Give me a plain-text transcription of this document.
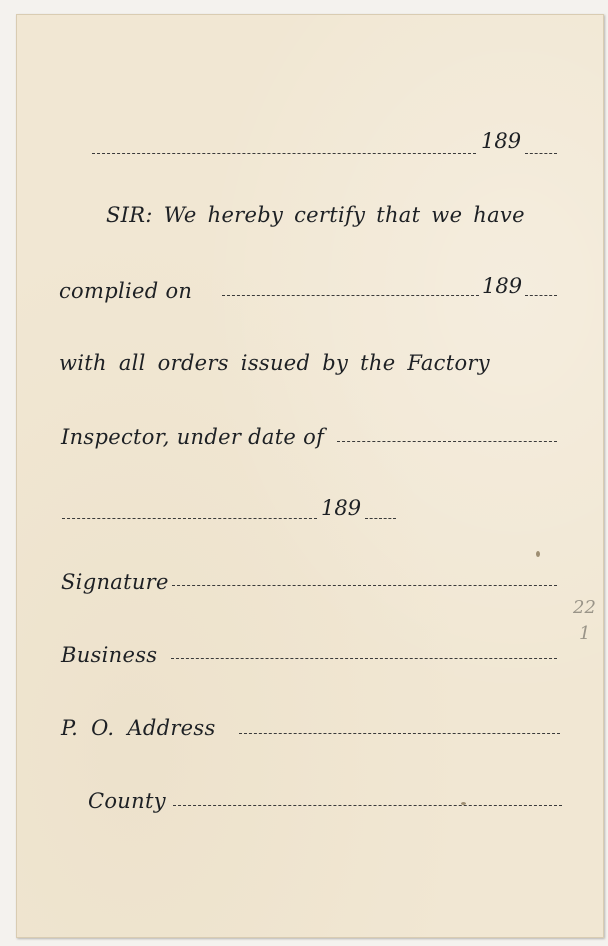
189
SIR: We hereby certify that we have
complied on	189
with all orders issued by the Factory
Inspector, under date of
189
Signature
Business
P. O. Address
County
22
1
